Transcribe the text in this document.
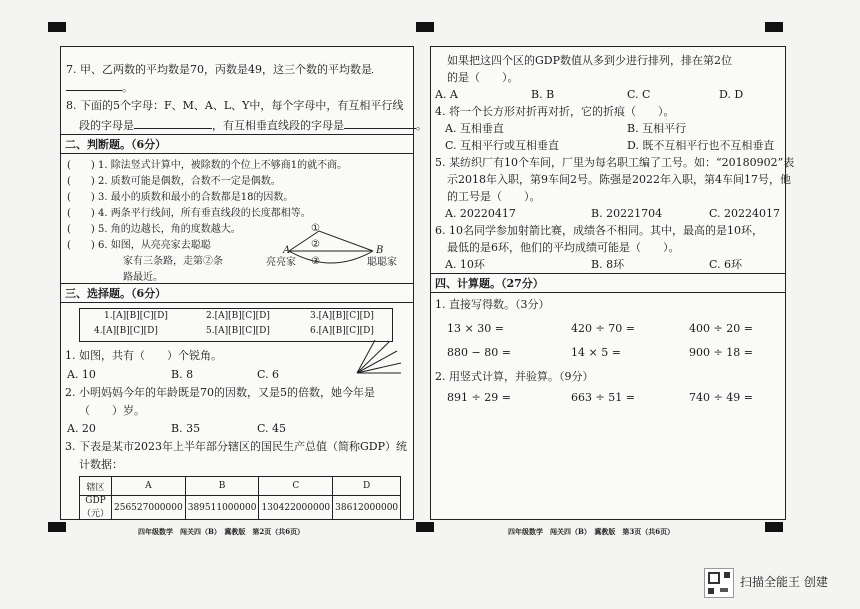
7. 甲、乙两数的平均数是70，丙数是49，这三个数的平均数是
。
8. 下面的5个字母：F、M、A、L、Y中，每个字母中，有互相平行线
段的字母是	，有互相垂直线段的字母是	。
二、判断题。（6分）
(　　) 1. 除法竖式计算中，被除数的个位上不够商1的就不商。
(　　) 2. 质数可能是偶数，合数不一定是偶数。
(　　) 3. 最小的质数和最小的合数都是18的因数。
(　　) 4. 两条平行线间，所有垂直线段的长度都相等。
(　　) 5. 角的边越长，角的度数越大。
(　　) 6. 如图，从亮亮家去聪聪
家有三条路，走第②条
路最近。
①
②
③
A	B
亮亮家	聪聪家
三、选择题。（6分）
1.[A][B][C][D]	2.[A][B][C][D]	3.[A][B][C][D]
4.[A][B][C][D]	5.[A][B][C][D]	6.[A][B][C][D]
1. 如图，共有（　　）个锐角。
A. 10	B. 8	C. 6
2. 小明妈妈今年的年龄既是70的因数，又是5的倍数，她今年是
（　　）岁。
A. 20	B. 35	C. 45
3. 下表是某市2023年上半年部分辖区的国民生产总值（简称GDP）统
计数据：
辖区	A	B	C	D
GDP（元）	256527000000	389511000000	130422000000	38612000000
四年级数学　闯关四（B）　冀教版　第2页（共6页）
如果把这四个区的GDP数值从多到少进行排列，排在第2位
的是（　　）。
A. A	B. B	C. C	D. D
4. 将一个长方形对折再对折，它的折痕（　　）。
A. 互相垂直	B. 互相平行
C. 互相平行或互相垂直	D. 既不互相平行也不互相垂直
5. 某纺织厂有10个车间，厂里为每名职工编了工号。如：“20180902”表
示2018年入职，第9车间2号。陈强是2022年入职，第4车间17号，他
的工号是（　　）。
A. 20220417	B. 20221704	C. 20224017
6. 10名同学参加射箭比赛，成绩各不相同。其中，最高的是10环，
最低的是6环，他们的平均成绩可能是（　　）。
A. 10环	B. 8环	C. 6环
四、计算题。（27分）
1. 直接写得数。（3分）
13 × 30 =	420 ÷ 70 =	400 ÷ 20 =
880 − 80 =	14 × 5 =	900 ÷ 18 =
2. 用竖式计算，并验算。（9分）
891 ÷ 29 =	663 ÷ 51 =	740 ÷ 49 =
四年级数学　闯关四（B）　冀教版　第3页（共6页）
扫描全能王 创建
